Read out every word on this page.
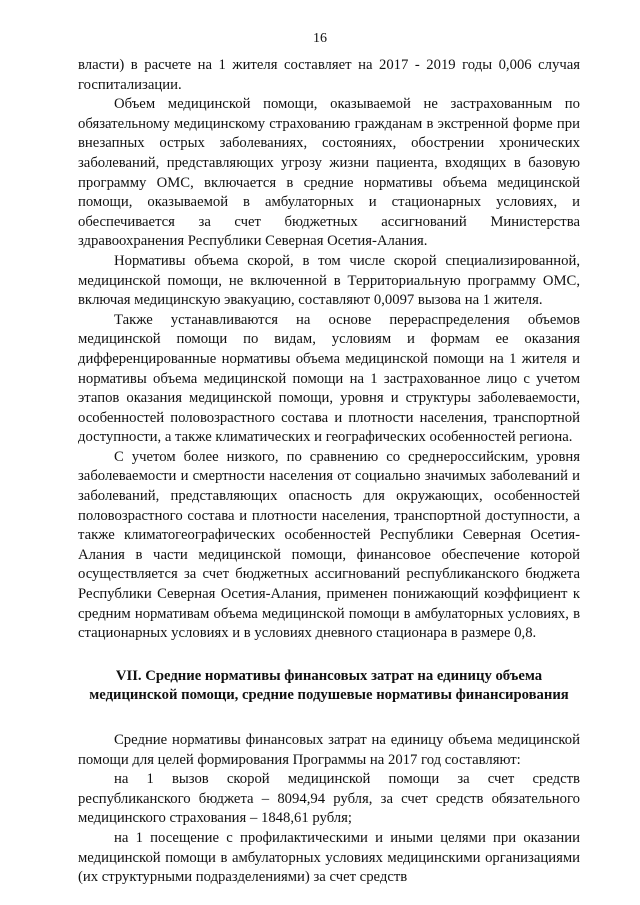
16

власти) в расчете на 1 жителя составляет на 2017 - 2019 годы 0,006 случая госпитализации.

Объем медицинской помощи, оказываемой не застрахованным по обязательному медицинскому страхованию гражданам в экстренной форме при внезапных острых заболеваниях, состояниях, обострении хронических заболеваний, представляющих угрозу жизни пациента, входящих в базовую программу ОМС, включается в средние нормативы объема медицинской помощи, оказываемой в амбулаторных и стационарных условиях, и обеспечивается за счет бюджетных ассигнований Министерства здравоохранения Республики Северная Осетия-Алания.

Нормативы объема скорой, в том числе скорой специализированной, медицинской помощи, не включенной в Территориальную программу ОМС, включая медицинскую эвакуацию, составляют 0,0097 вызова на 1 жителя.

Также устанавливаются на основе перераспределения объемов медицинской помощи по видам, условиям и формам ее оказания дифференцированные нормативы объема медицинской помощи на 1 жителя и нормативы объема медицинской помощи на 1 застрахованное лицо с учетом этапов оказания медицинской помощи, уровня и структуры заболеваемости, особенностей половозрастного состава и плотности населения, транспортной доступности, а также климатических и географических особенностей региона.

С учетом более низкого, по сравнению со среднероссийским, уровня заболеваемости и смертности населения от социально значимых заболеваний и заболеваний, представляющих опасность для окружающих, особенностей половозрастного состава и плотности населения, транспортной доступности, а также климатогеографических особенностей Республики Северная Осетия-Алания в части медицинской помощи, финансовое обеспечение которой осуществляется за счет бюджетных ассигнований республиканского бюджета Республики Северная Осетия-Алания, применен понижающий коэффициент к средним нормативам объема медицинской помощи в амбулаторных условиях, в стационарных условиях и в условиях дневного стационара в размере 0,8.

VII. Средние нормативы финансовых затрат на единицу объема медицинской помощи, средние подушевые нормативы финансирования

Средние нормативы финансовых затрат на единицу объема медицинской помощи для целей формирования Программы на 2017 год составляют:

на 1 вызов скорой медицинской помощи за счет средств республиканского бюджета – 8094,94 рубля, за счет средств обязательного медицинского страхования – 1848,61 рубля;

на 1 посещение с профилактическими и иными целями при оказании медицинской помощи в амбулаторных условиях медицинскими организациями (их структурными подразделениями) за счет средств
